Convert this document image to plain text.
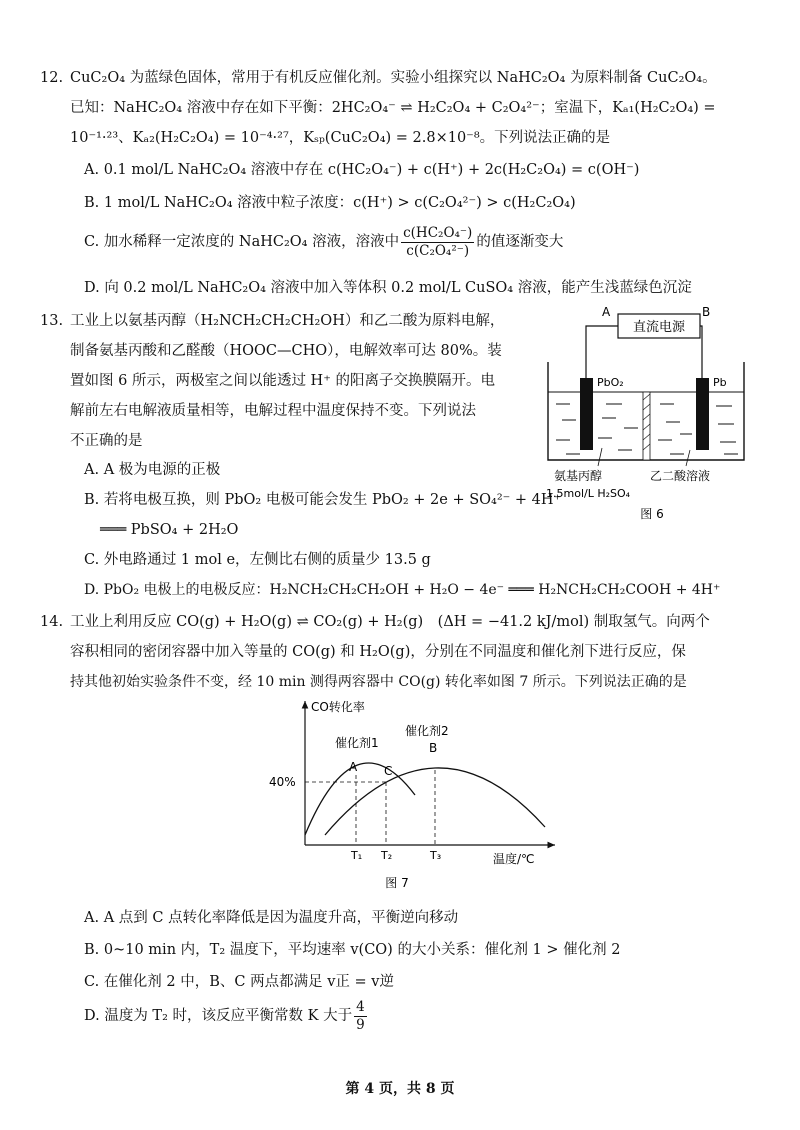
12. CuC₂O₄ 为蓝绿色固体，常用于有机反应催化剂。实验小组探究以 NaHC₂O₄ 为原料制备 CuC₂O₄。
已知：NaHC₂O₄ 溶液中存在如下平衡：2HC₂O₄⁻ ⇌ H₂C₂O₄ + C₂O₄²⁻；室温下，Kₐ₁(H₂C₂O₄) =
10⁻¹·²³、Kₐ₂(H₂C₂O₄) = 10⁻⁴·²⁷，Kₛₚ(CuC₂O₄) = 2.8×10⁻⁸。下列说法正确的是
A. 0.1 mol/L NaHC₂O₄ 溶液中存在 c(HC₂O₄⁻) + c(H⁺) + 2c(H₂C₂O₄) = c(OH⁻)
B. 1 mol/L NaHC₂O₄ 溶液中粒子浓度：c(H⁺) > c(C₂O₄²⁻) > c(H₂C₂O₄)
C. 加水稀释一定浓度的 NaHC₂O₄ 溶液，溶液中 $\frac{\text{c(HC₂O₄⁻)}}{\text{c(C₂O₄²⁻)}}$ 的值逐渐变大
D. 向 0.2 mol/L NaHC₂O₄ 溶液中加入等体积 0.2 mol/L CuSO₄ 溶液，能产生浅蓝绿色沉淀
13. 工业上以氨基丙醇（H₂NCH₂CH₂CH₂OH）和乙二酸为原料电解，
制备氨基丙酸和乙醛酸（HOOC—CHO），电解效率可达 80%。装
置如图 6 所示，两极室之间以能透过 H⁺ 的阳离子交换膜隔开。电
解前左右电解液质量相等，电解过程中温度保持不变。下列说法
不正确的是
A. A 极为电源的正极
B. 若将电极互换，则 PbO₂ 电极可能会发生 PbO₂ + 2e + SO₄²⁻ + 4H⁺
═══ PbSO₄ + 2H₂O
C. 外电路通过 1 mol e，左侧比右侧的质量少 13.5 g
D. PbO₂ 电极上的电极反应：H₂NCH₂CH₂CH₂OH + H₂O − 4e⁻ ═══ H₂NCH₂CH₂COOH + 4H⁺
直流电源
A	B
PbO₂	Pb
氨基丙醇
1.5mol/L H₂SO₄
乙二酸溶液
图 6
14. 工业上利用反应 CO(g) + H₂O(g) ⇌ CO₂(g) + H₂(g)　(ΔH = −41.2 kJ/mol) 制取氢气。向两个
容积相同的密闭容器中加入等量的 CO(g) 和 H₂O(g)，分别在不同温度和催化剂下进行反应，保
持其他初始实验条件不变，经 10 min 测得两容器中 CO(g) 转化率如图 7 所示。下列说法正确的是
CO转化率
温度/℃
40%
A C
B
催化剂1
催化剂2
T₁ T₂	T₃
图 7
A. A 点到 C 点转化率降低是因为温度升高，平衡逆向移动
B. 0~10 min 内，T₂ 温度下，平均速率 v(CO) 的大小关系：催化剂 1 > 催化剂 2
C. 在催化剂 2 中，B、C 两点都满足 v正 = v逆
D. 温度为 T₂ 时，该反应平衡常数 K 大于 $\frac{4}{9}$
第 4 页，共 8 页
